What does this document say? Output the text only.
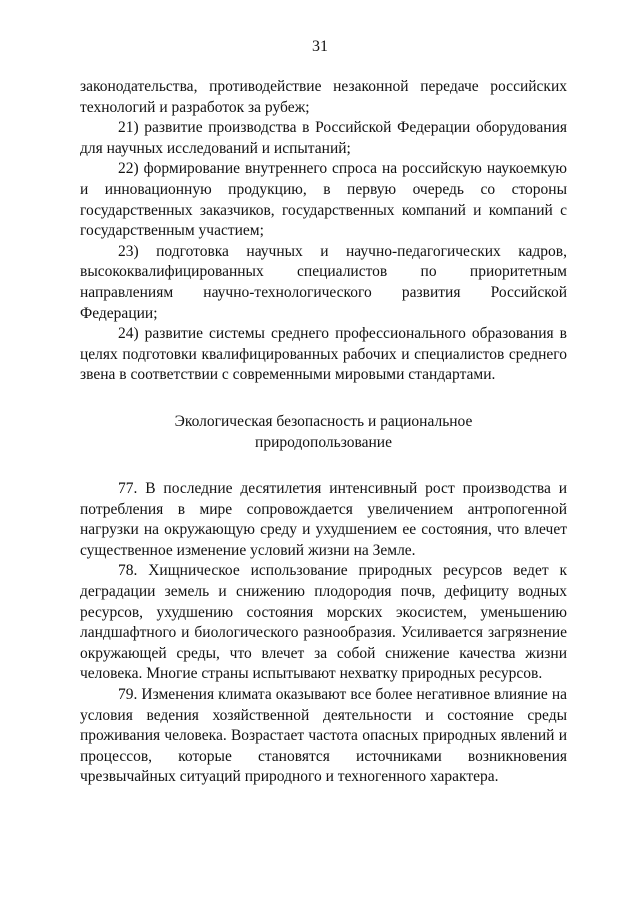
31

законодательства, противодействие незаконной передаче российских технологий и разработок за рубеж;

21) развитие производства в Российской Федерации оборудования для научных исследований и испытаний;

22) формирование внутреннего спроса на российскую наукоемкую и инновационную продукцию, в первую очередь со стороны государственных заказчиков, государственных компаний и компаний с государственным участием;

23) подготовка научных и научно-педагогических кадров, высококвалифицированных специалистов по приоритетным направлениям научно-технологического развития Российской Федерации;

24) развитие системы среднего профессионального образования в целях подготовки квалифицированных рабочих и специалистов среднего звена в соответствии с современными мировыми стандартами.

Экологическая безопасность и рациональное
природопользование

77. В последние десятилетия интенсивный рост производства и потребления в мире сопровождается увеличением антропогенной нагрузки на окружающую среду и ухудшением ее состояния, что влечет существенное изменение условий жизни на Земле.

78. Хищническое использование природных ресурсов ведет к деградации земель и снижению плодородия почв, дефициту водных ресурсов, ухудшению состояния морских экосистем, уменьшению ландшафтного и биологического разнообразия. Усиливается загрязнение окружающей среды, что влечет за собой снижение качества жизни человека. Многие страны испытывают нехватку природных ресурсов.

79. Изменения климата оказывают все более негативное влияние на условия ведения хозяйственной деятельности и состояние среды проживания человека. Возрастает частота опасных природных явлений и процессов, которые становятся источниками возникновения чрезвычайных ситуаций природного и техногенного характера.
